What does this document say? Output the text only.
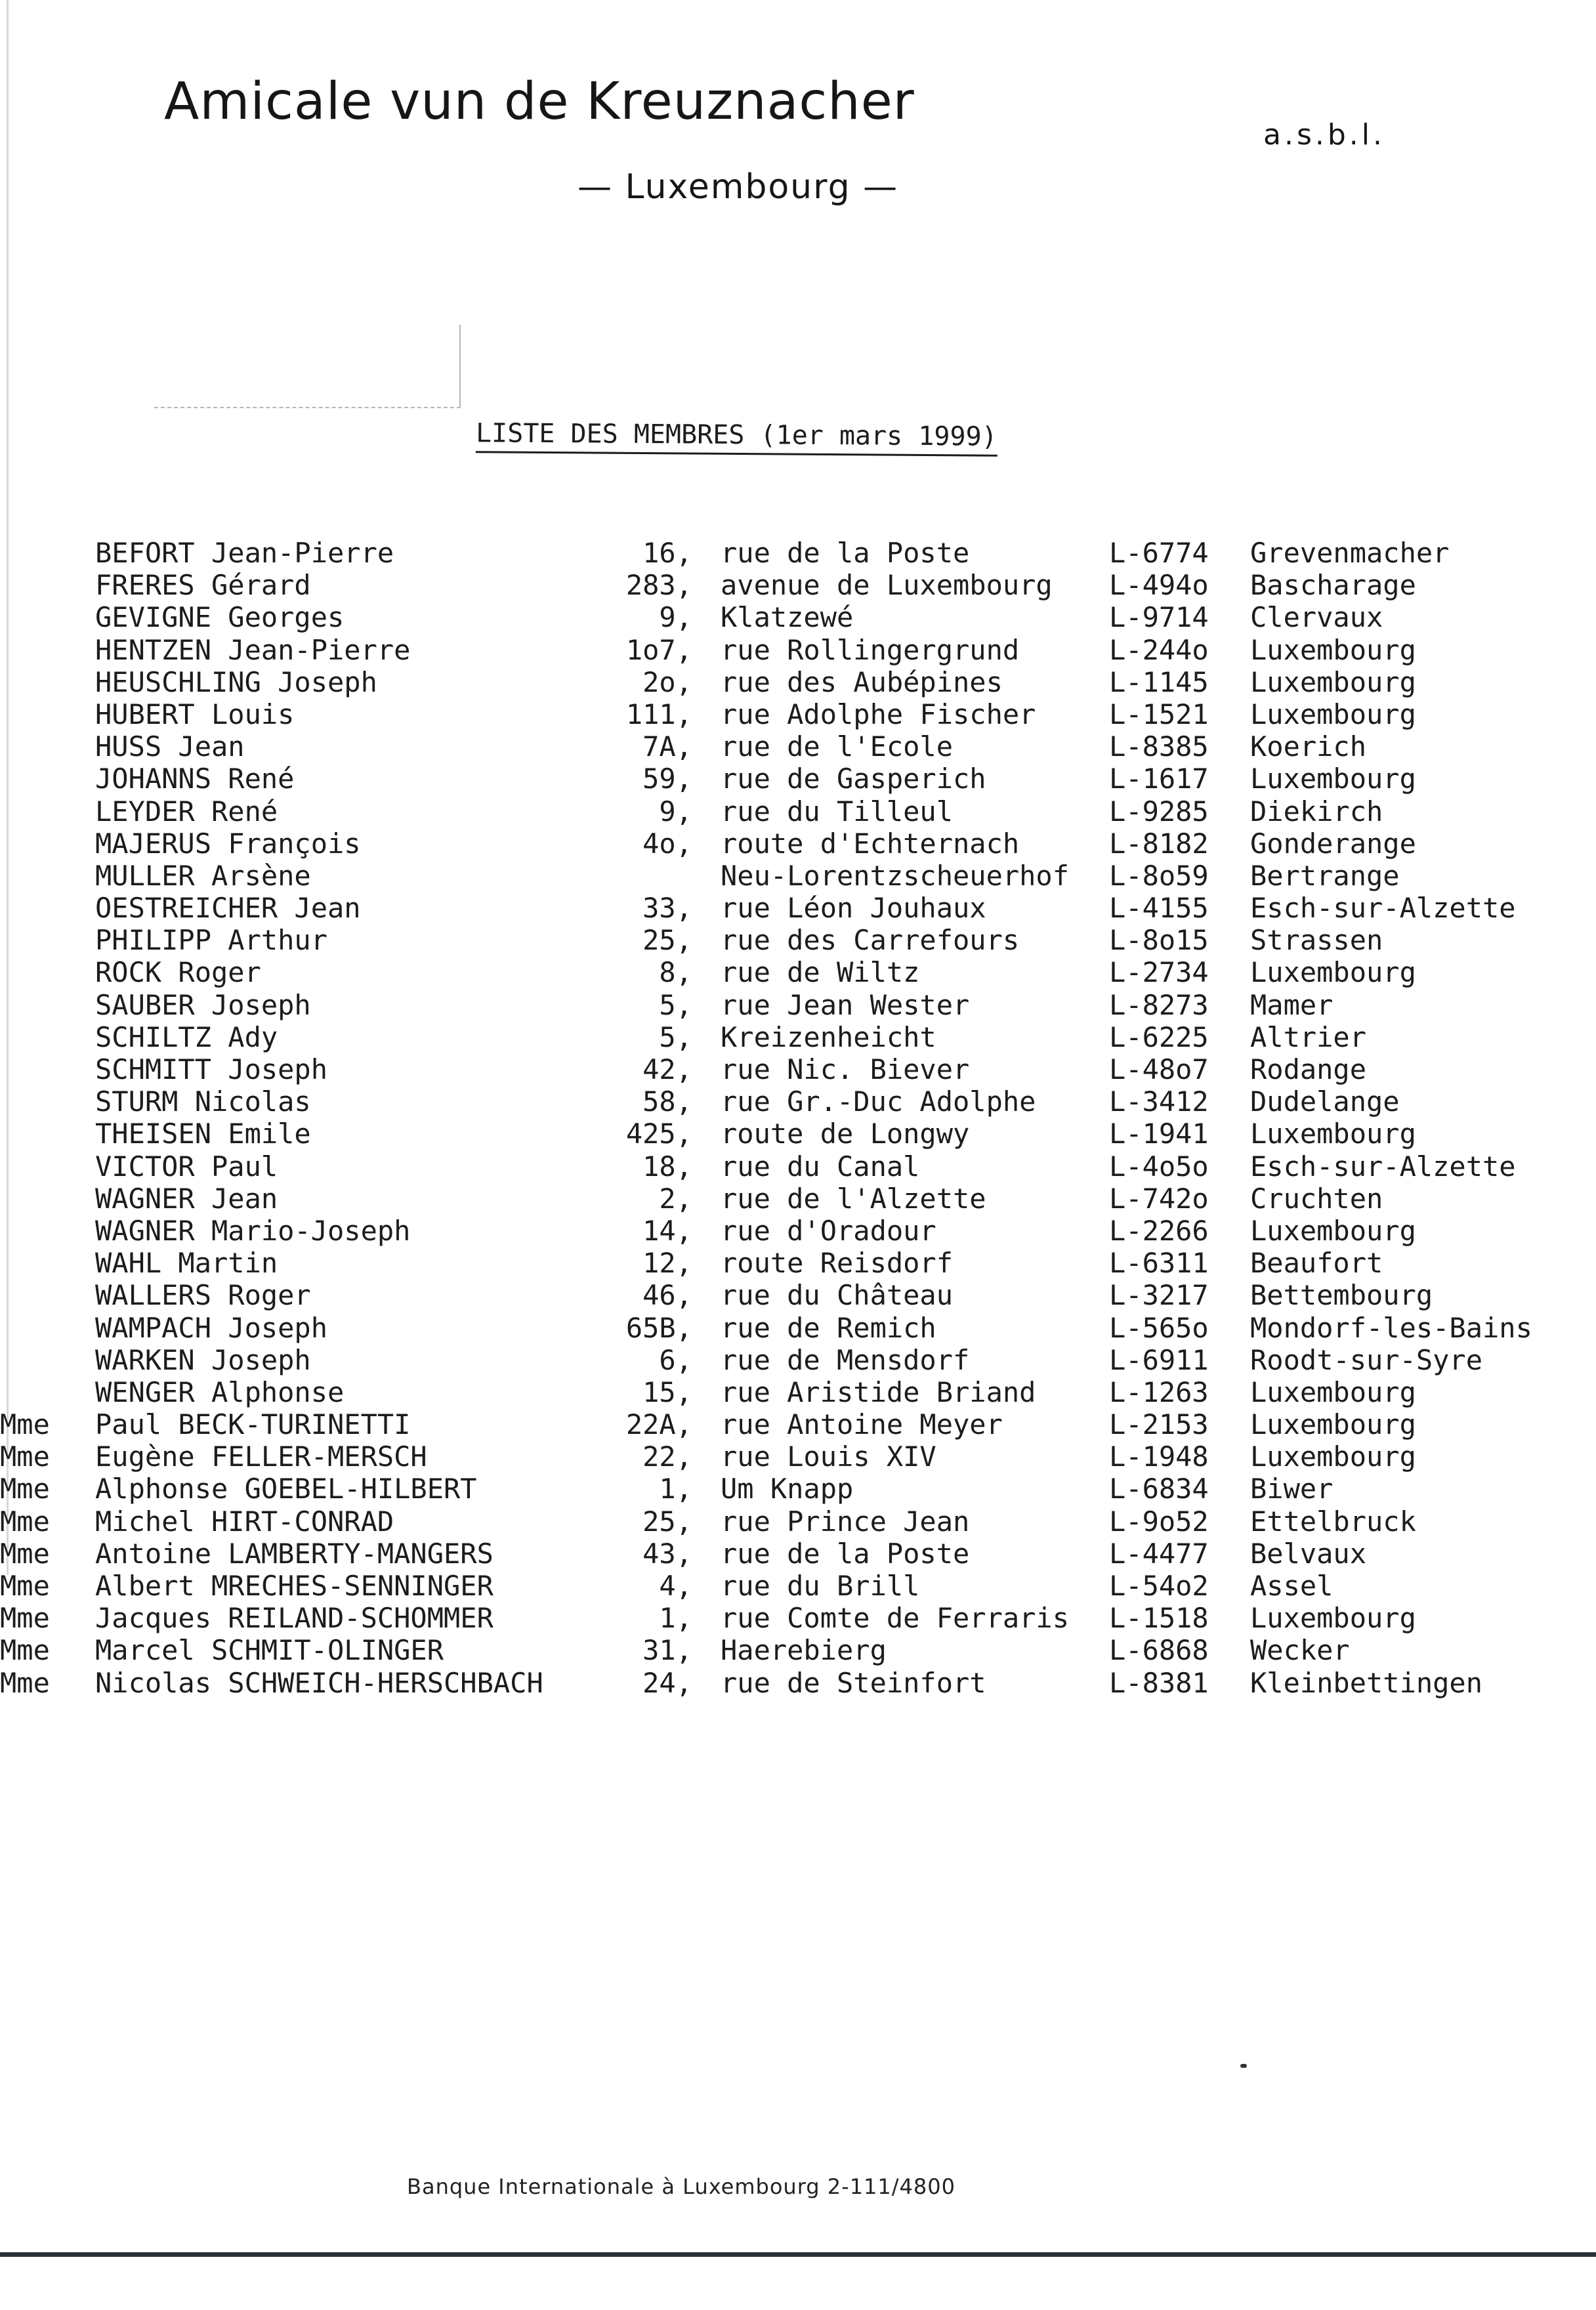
Amicale vun de Kreuznacher
a.s.b.l.
— Luxembourg —
LISTE DES MEMBRES (1er mars 1999)
BEFORT Jean-Pierre	16, rue de la Poste	L-6774 Grevenmacher
FRERES Gérard	283, avenue de Luxembourg L-494o Bascharage
GEVIGNE Georges	9, Klatzewé	L-9714 Clervaux
HENTZEN Jean-Pierre	1o7, rue Rollingergrund	L-244o Luxembourg
HEUSCHLING Joseph	2o, rue des Aubépines	L-1145 Luxembourg
HUBERT Louis	111, rue Adolphe Fischer	L-1521 Luxembourg
HUSS Jean	7A, rue de l'Ecole	L-8385 Koerich
JOHANNS René	59, rue de Gasperich	L-1617 Luxembourg
LEYDER René	9, rue du Tilleul	L-9285 Diekirch
MAJERUS François	4o, route d'Echternach	L-8182 Gonderange
MULLER Arsène	Neu-Lorentzscheuerhof L-8o59 Bertrange
OESTREICHER Jean	33, rue Léon Jouhaux	L-4155 Esch-sur-Alzette
PHILIPP Arthur	25, rue des Carrefours	L-8o15 Strassen
ROCK Roger	8, rue de Wiltz	L-2734 Luxembourg
SAUBER Joseph	5, rue Jean Wester	L-8273 Mamer
SCHILTZ Ady	5, Kreizenheicht	L-6225 Altrier
SCHMITT Joseph	42, rue Nic. Biever	L-48o7 Rodange
STURM Nicolas	58, rue Gr.-Duc Adolphe	L-3412 Dudelange
THEISEN Emile	425, route de Longwy	L-1941 Luxembourg
VICTOR Paul	18, rue du Canal	L-4o5o Esch-sur-Alzette
WAGNER Jean	2, rue de l'Alzette	L-742o Cruchten
WAGNER Mario-Joseph	14, rue d'Oradour	L-2266 Luxembourg
WAHL Martin	12, route Reisdorf	L-6311 Beaufort
WALLERS Roger	46, rue du Château	L-3217 Bettembourg
WAMPACH Joseph	65B, rue de Remich	L-565o Mondorf-les-Bains
WARKEN Joseph	6, rue de Mensdorf	L-6911 Roodt-sur-Syre
WENGER Alphonse	15, rue Aristide Briand	L-1263 Luxembourg
Mme Paul BECK-TURINETTI	22A, rue Antoine Meyer	L-2153 Luxembourg
Mme Eugène FELLER-MERSCH	22, rue Louis XIV	L-1948 Luxembourg
Mme Alphonse GOEBEL-HILBERT	1, Um Knapp	L-6834 Biwer
Mme Michel HIRT-CONRAD	25, rue Prince Jean	L-9o52 Ettelbruck
Mme Antoine LAMBERTY-MANGERS	43, rue de la Poste	L-4477 Belvaux
Mme Albert MRECHES-SENNINGER	4, rue du Brill	L-54o2 Assel
Mme Jacques REILAND-SCHOMMER	1, rue Comte de Ferraris L-1518 Luxembourg
Mme Marcel SCHMIT-OLINGER	31, Haerebierg	L-6868 Wecker
Mme Nicolas SCHWEICH-HERSCHBACH	24, rue de Steinfort	L-8381 Kleinbettingen
Banque Internationale à Luxembourg 2-111/4800
